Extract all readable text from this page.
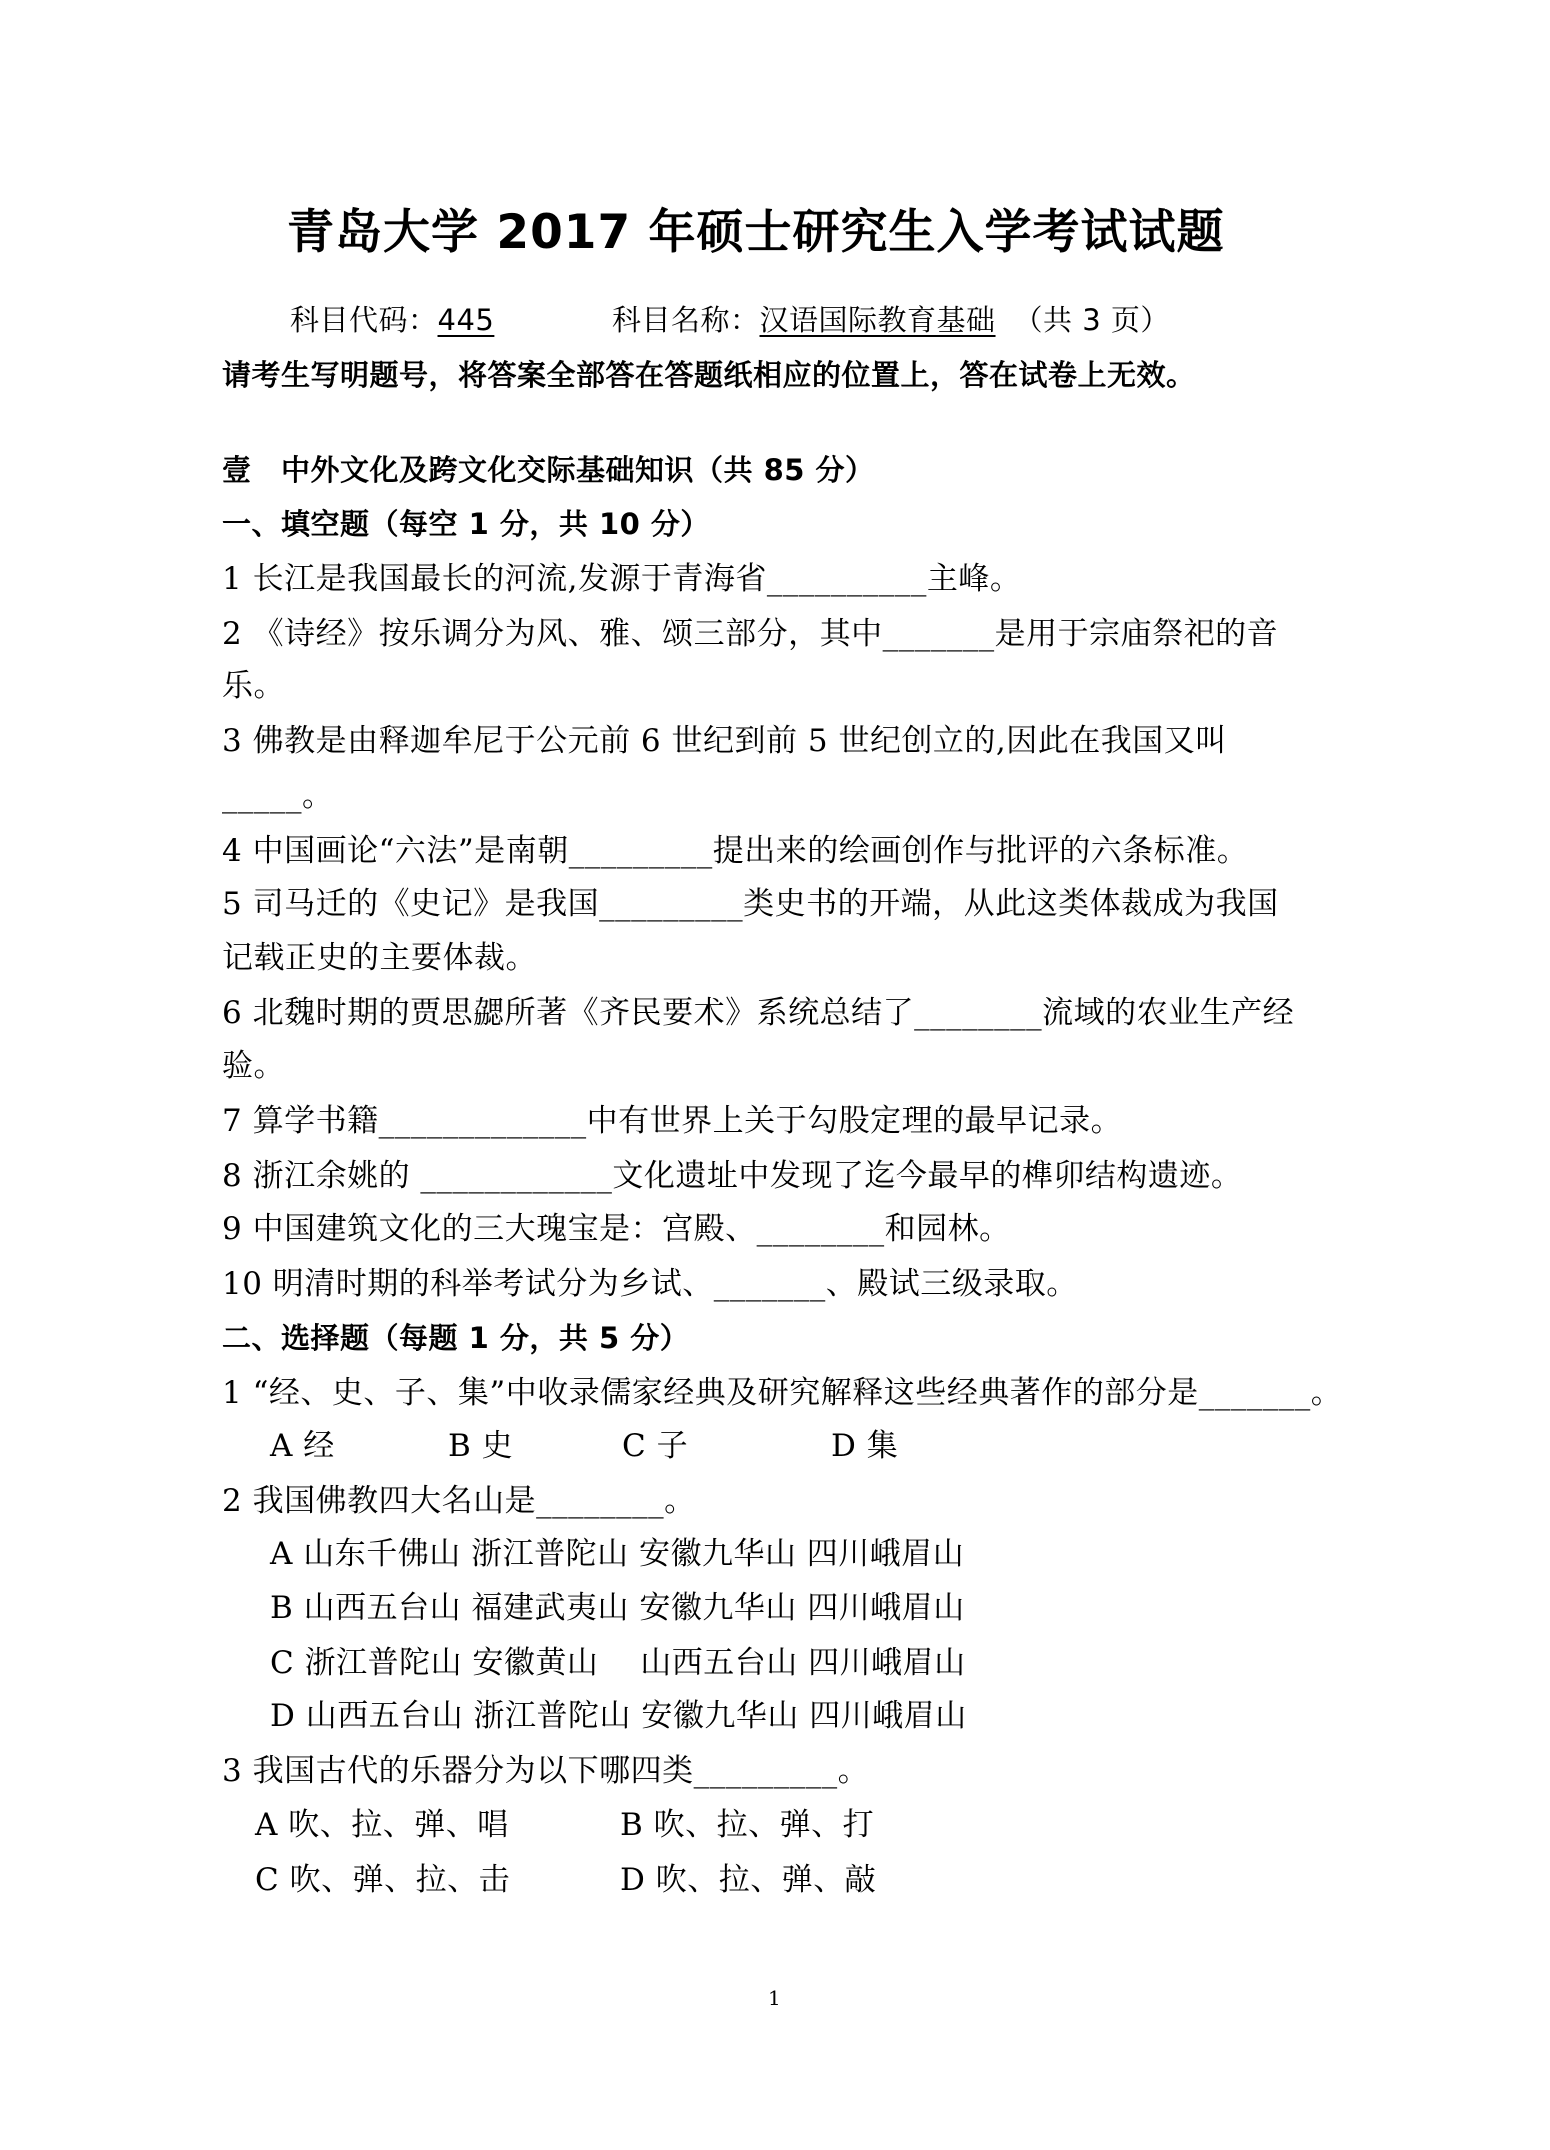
青岛大学 2017 年硕士研究生入学考试试题
科目代码：445	科目名称：汉语国际教育基础 （共 3 页）
请考生写明题号，将答案全部答在答题纸相应的位置上，答在试卷上无效。
壹　中外文化及跨文化交际基础知识（共 85 分）
一、填空题（每空 1 分，共 10 分）
1 长江是我国最长的河流,发源于青海省__________主峰。
2 《诗经》按乐调分为风、雅、颂三部分，其中_______是用于宗庙祭祀的音
乐。
3 佛教是由释迦牟尼于公元前 6 世纪到前 5 世纪创立的,因此在我国又叫
_____。
4 中国画论“六法”是南朝_________提出来的绘画创作与批评的六条标准。
5 司马迁的《史记》是我国_________类史书的开端，从此这类体裁成为我国
记载正史的主要体裁。
6 北魏时期的贾思勰所著《齐民要术》系统总结了________流域的农业生产经
验。
7 算学书籍_____________中有世界上关于勾股定理的最早记录。
8 浙江余姚的 ____________文化遗址中发现了迄今最早的榫卯结构遗迹。
9 中国建筑文化的三大瑰宝是：宫殿、________和园林。
10 明清时期的科举考试分为乡试、_______、殿试三级录取。
二、选择题（每题 1 分，共 5 分）
1 “经、史、子、集”中收录儒家经典及研究解释这些经典著作的部分是_______。
A 经	B 史	C 子	D 集
2 我国佛教四大名山是________。
A 山东千佛山 浙江普陀山 安徽九华山 四川峨眉山
B 山西五台山 福建武夷山 安徽九华山 四川峨眉山
C 浙江普陀山 安徽黄山　 山西五台山 四川峨眉山
D 山西五台山 浙江普陀山 安徽九华山 四川峨眉山
3 我国古代的乐器分为以下哪四类_________。
A 吹、拉、弹、唱	B 吹、拉、弹、打
C 吹、弹、拉、击	D 吹、拉、弹、敲
1
